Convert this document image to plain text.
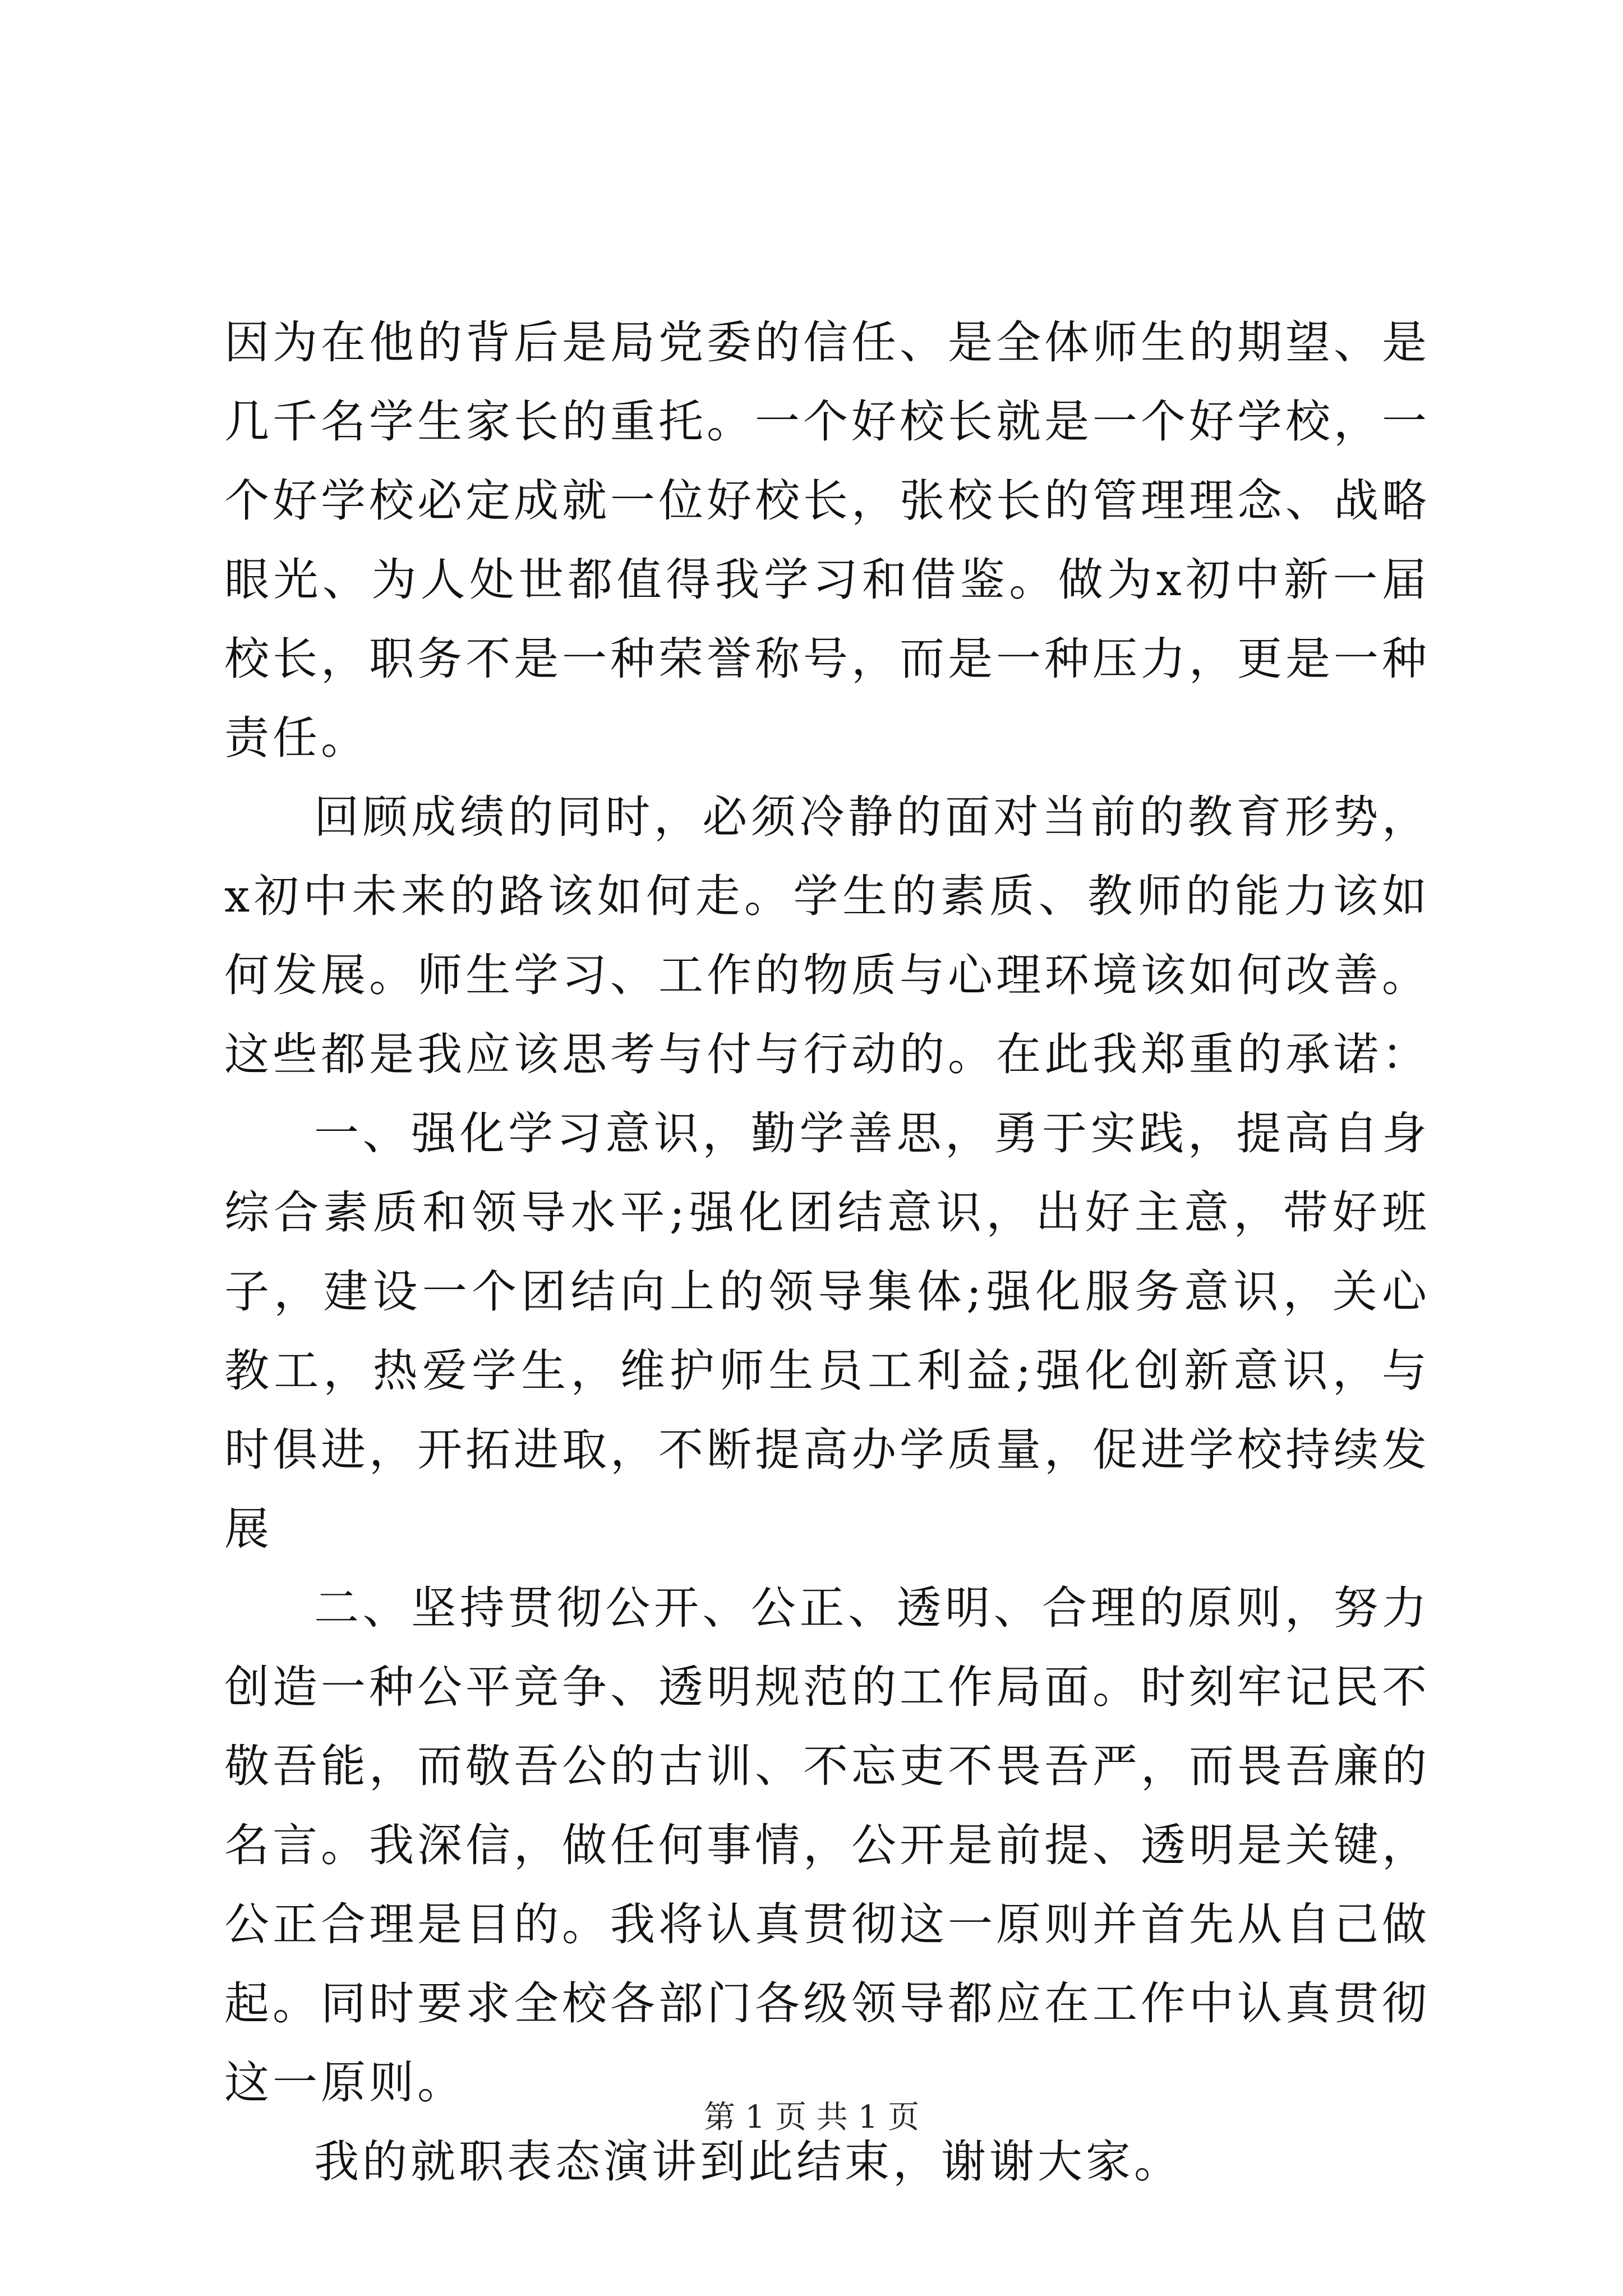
因为在他的背后是局党委的信任、是全体师生的期望、是几千名学生家长的重托。一个好校长就是一个好学校，一个好学校必定成就一位好校长，张校长的管理理念、战略眼光、为人处世都值得我学习和借鉴。做为x初中新一届校长，职务不是一种荣誉称号，而是一种压力，更是一种责任。

回顾成绩的同时，必须冷静的面对当前的教育形势，x初中未来的路该如何走。学生的素质、教师的能力该如何发展。师生学习、工作的物质与心理环境该如何改善。这些都是我应该思考与付与行动的。在此我郑重的承诺：

一、强化学习意识，勤学善思，勇于实践，提高自身综合素质和领导水平;强化团结意识，出好主意，带好班子，建设一个团结向上的领导集体;强化服务意识，关心教工，热爱学生，维护师生员工利益;强化创新意识，与时俱进，开拓进取，不断提高办学质量，促进学校持续发展

二、坚持贯彻公开、公正、透明、合理的原则，努力创造一种公平竞争、透明规范的工作局面。时刻牢记民不敬吾能，而敬吾公的古训、不忘吏不畏吾严，而畏吾廉的名言。我深信，做任何事情，公开是前提、透明是关键，公正合理是目的。我将认真贯彻这一原则并首先从自己做起。同时要求全校各部门各级领导都应在工作中认真贯彻这一原则。

我的就职表态演讲到此结束，谢谢大家。

第 1 页 共 1 页
